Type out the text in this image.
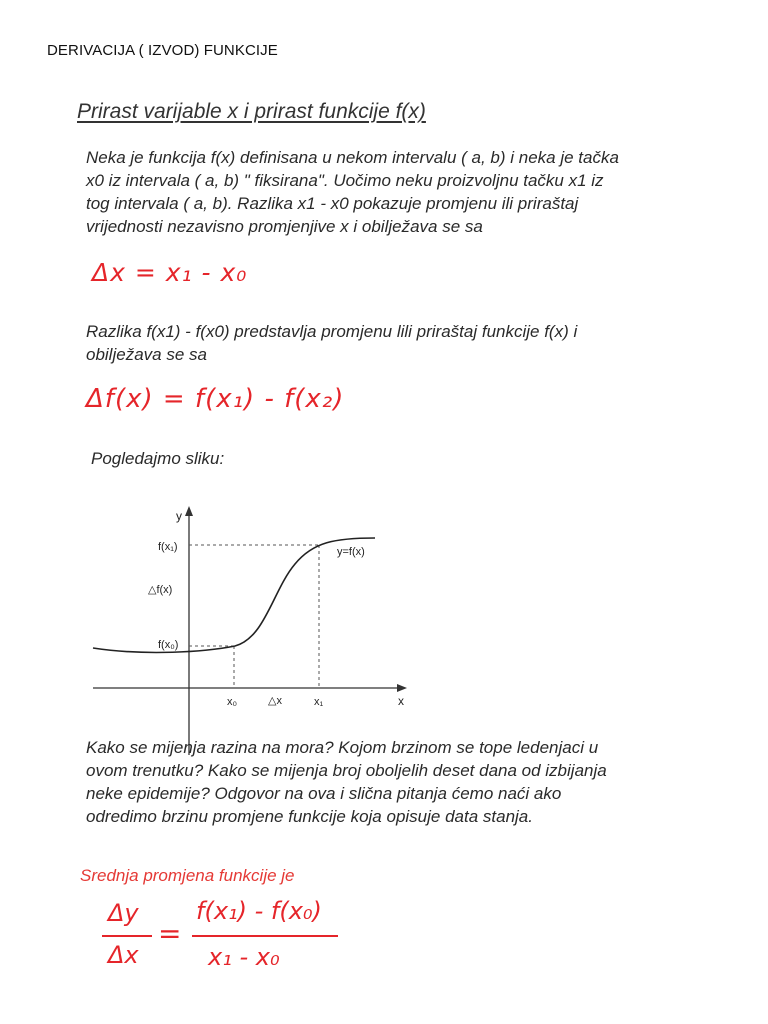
DERIVACIJA ( IZVOD) FUNKCIJE
Prirast varijable x i prirast funkcije f(x)
Neka je funkcija f(x) definisana u nekom intervalu ( a, b) i neka je tačka
x0 iz intervala ( a, b) " fiksirana". Uočimo neku proizvoljnu tačku x1 iz
tog intervala ( a, b). Razlika x1 - x0 pokazuje promjenu ili priraštaj
vrijednosti nezavisno promjenjive x i obilježava se sa
Δx = x₁ - x₀
Razlika f(x1) - f(x0) predstavlja promjenu lili priraštaj funkcije f(x) i
obilježava se sa
Δf(x) = f(x₁) - f(x₂)
Pogledajmo sliku:
y
x
f(x₁)
△f(x)
f(x₀)
x₀	△x	x₁
y=f(x)
Kako se mijenja razina na mora? Kojom brzinom se tope ledenjaci u
ovom trenutku? Kako se mijenja broj oboljelih deset dana od izbijanja
neke epidemije? Odgovor na ova i slična pitanja ćemo naći ako
odredimo brzinu promjene funkcije koja opisuje data stanja.
Srednja promjena funkcije je
Δy
Δx
=
f(x₁) - f(x₀)
x₁ - x₀
